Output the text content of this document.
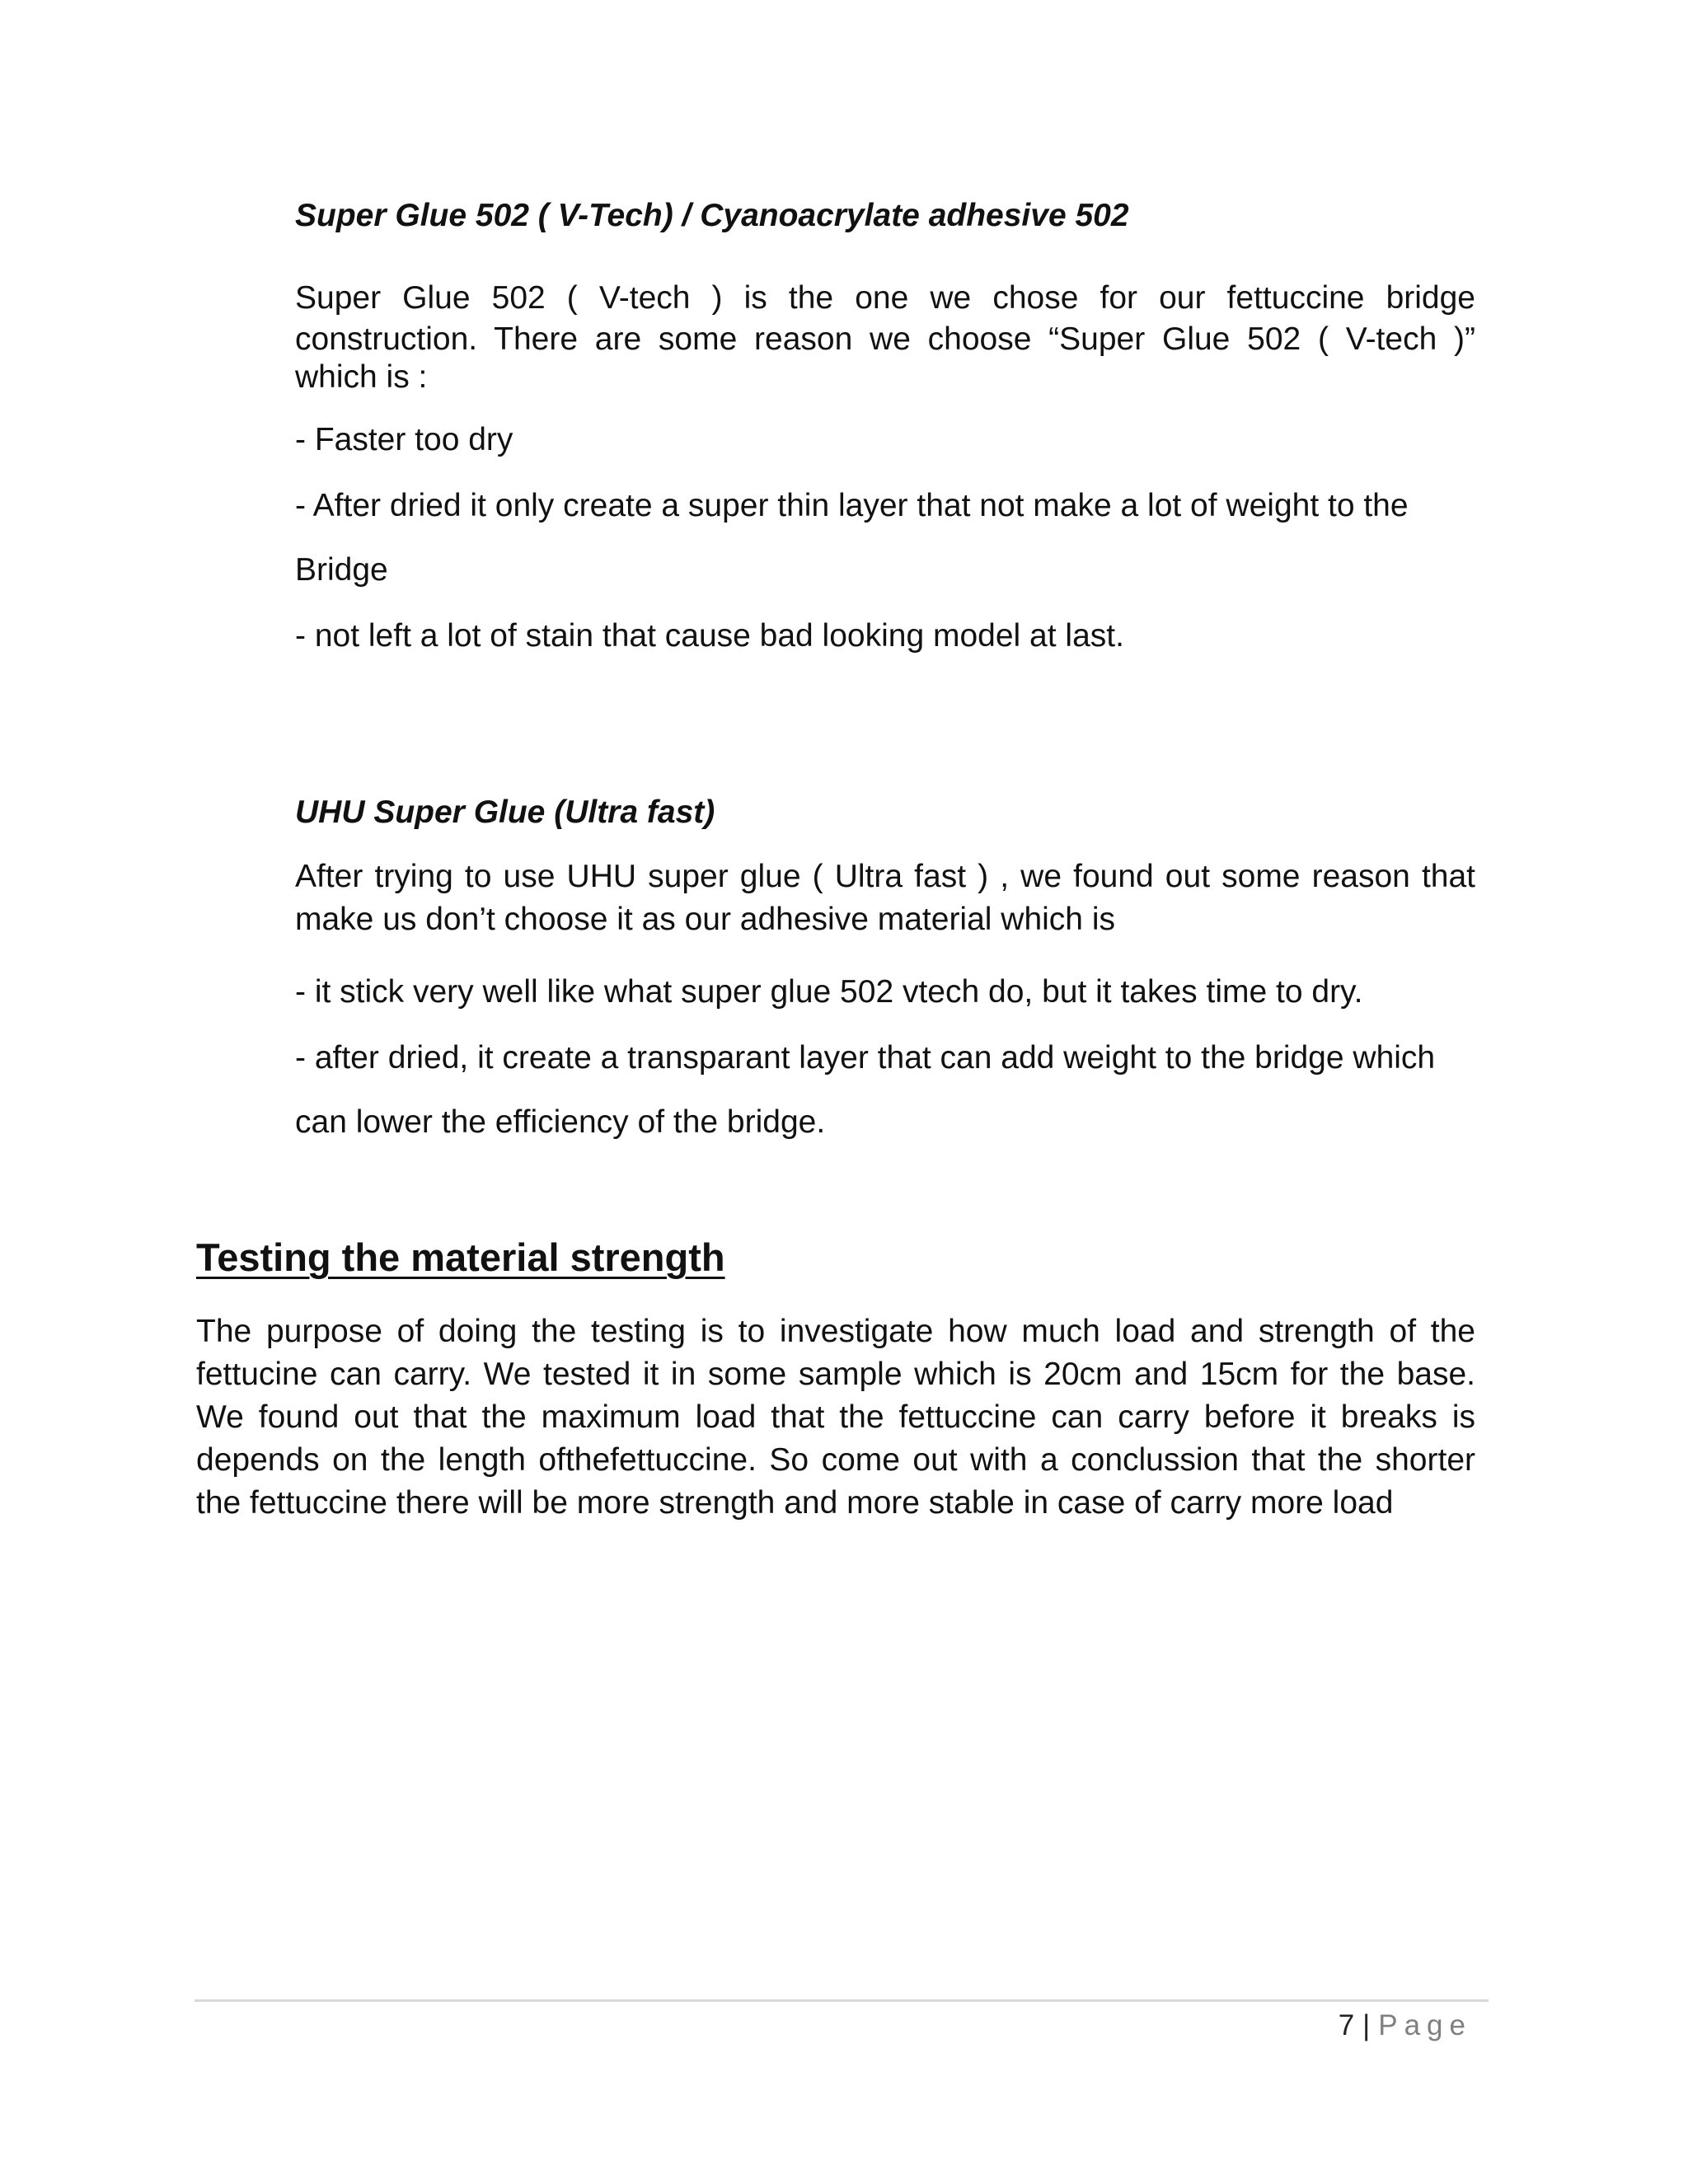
Super Glue 502 ( V-Tech) / Cyanoacrylate adhesive 502
Super Glue 502 ( V-tech ) is the one we chose for our fettuccine bridge
construction. There are some reason we choose “Super Glue 502 ( V-tech )”
which is :
- Faster too dry
- After dried it only create a super thin layer that not make a lot of weight to the
Bridge
- not left a lot of stain that cause bad looking model at last.
UHU Super Glue (Ultra fast)
After trying to use UHU super glue ( Ultra fast ) , we found out some reason that
make us don’t choose it as our adhesive material which is
- it stick very well like what super glue 502 vtech do, but it takes time to dry.
- after dried, it create a transparant layer that can add weight to the bridge which
can lower the efficiency of the bridge.
Testing the material strength
The purpose of doing the testing is to investigate how much load and strength of the
fettucine can carry. We tested it in some sample which is 20cm and 15cm for the base.
We found out that the maximum load that the fettuccine can carry before it breaks is
depends on the length ofthefettuccine. So come out with a conclussion that the shorter
the fettuccine there will be more strength and more stable in case of carry more load
7 | Page
